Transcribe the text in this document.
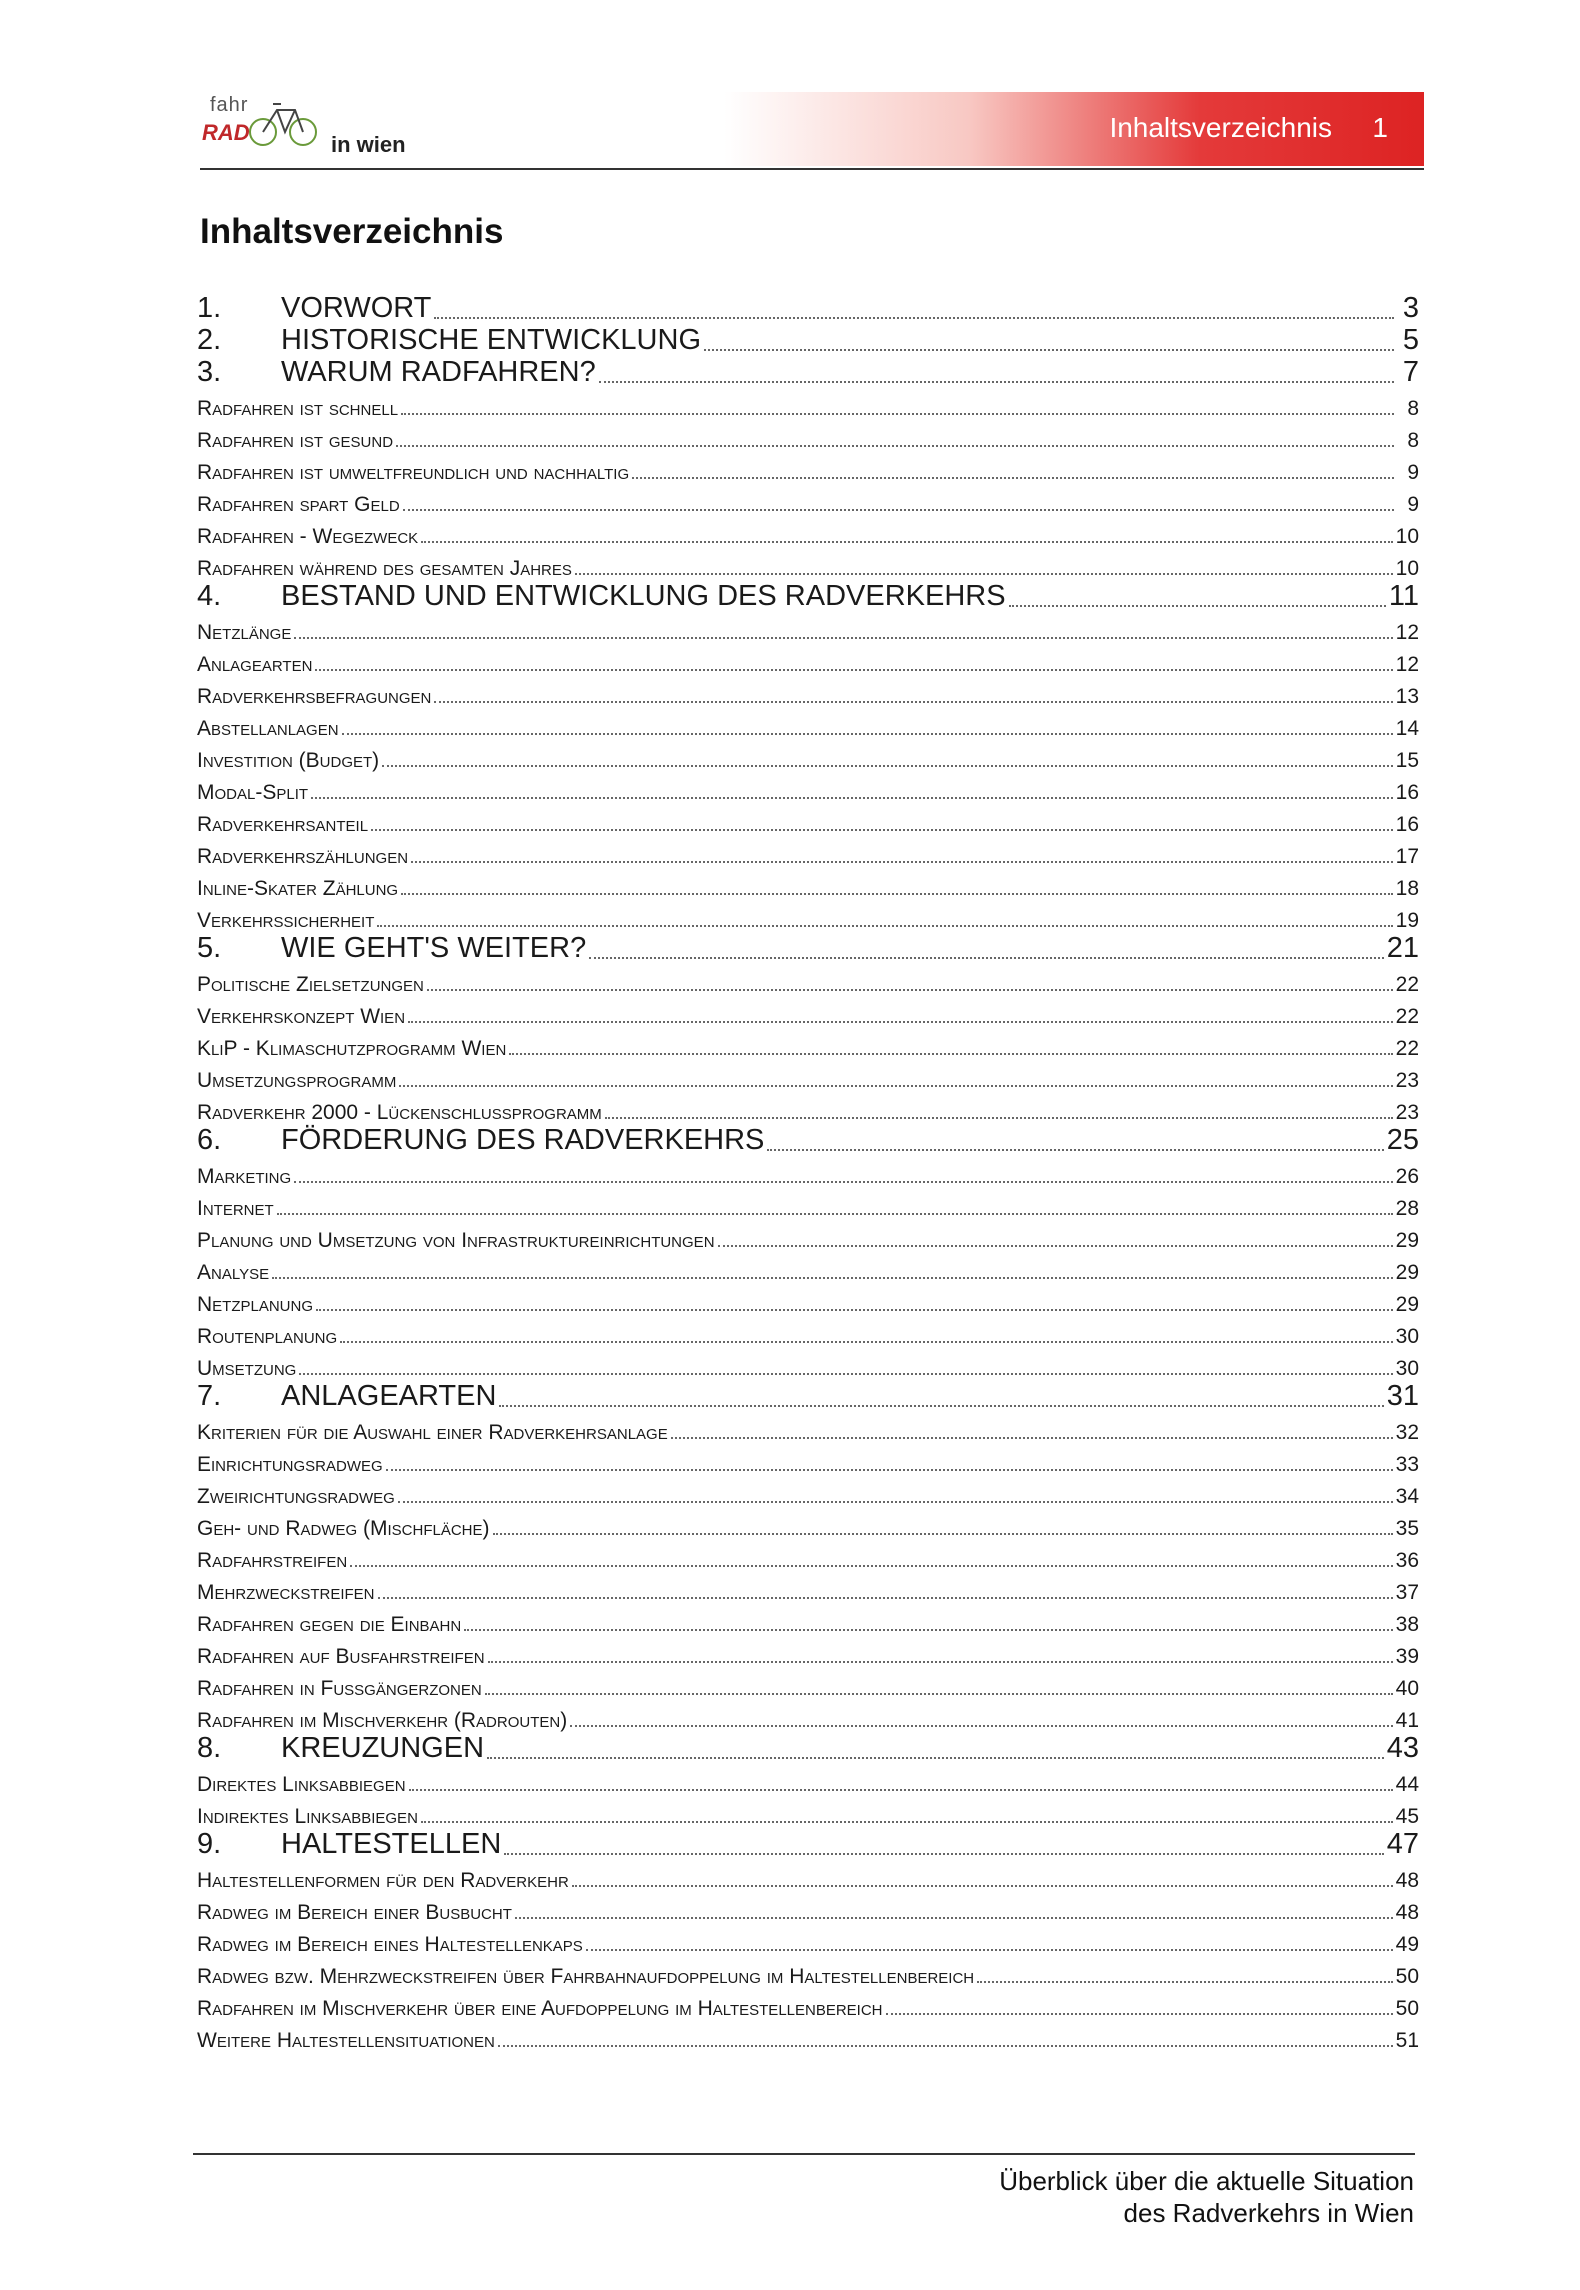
fahr
RAD	in wien
Inhaltsverzeichnis 1
Inhaltsverzeichnis
1.	VORWORT	3
2.	HISTORISCHE ENTWICKLUNG	5
3.	WARUM RADFAHREN?	7
Radfahren ist schnell	8
Radfahren ist gesund	8
Radfahren ist umweltfreundlich und nachhaltig	9
Radfahren spart Geld	9
Radfahren - Wegezweck	10
Radfahren während des gesamten Jahres	10
4.	BESTAND UND ENTWICKLUNG DES RADVERKEHRS	11
Netzlänge	12
Anlagearten	12
Radverkehrsbefragungen	13
Abstellanlagen	14
Investition (Budget)	15
Modal-Split	16
Radverkehrsanteil	16
Radverkehrszählungen	17
Inline-Skater Zählung	18
Verkehrssicherheit	19
5.	WIE GEHT'S WEITER?	21
Politische Zielsetzungen	22
Verkehrskonzept Wien	22
KliP - Klimaschutzprogramm Wien	22
Umsetzungsprogramm	23
Radverkehr 2000 - Lückenschlussprogramm	23
6.	FÖRDERUNG DES RADVERKEHRS	25
Marketing	26
Internet	28
Planung und Umsetzung von Infrastruktureinrichtungen	29
Analyse	29
Netzplanung	29
Routenplanung	30
Umsetzung	30
7.	ANLAGEARTEN	31
Kriterien für die Auswahl einer Radverkehrsanlage	32
Einrichtungsradweg	33
Zweirichtungsradweg	34
Geh- und Radweg (Mischfläche)	35
Radfahrstreifen	36
Mehrzweckstreifen	37
Radfahren gegen die Einbahn	38
Radfahren auf Busfahrstreifen	39
Radfahren in Fußgängerzonen	40
Radfahren im Mischverkehr (Radrouten)	41
8.	KREUZUNGEN	43
Direktes Linksabbiegen	44
Indirektes Linksabbiegen	45
9.	HALTESTELLEN	47
Haltestellenformen für den Radverkehr	48
Radweg im Bereich einer Busbucht	48
Radweg im Bereich eines Haltestellenkaps	49
Radweg bzw. Mehrzweckstreifen über Fahrbahnaufdoppelung im Haltestellenbereich	50
Radfahren im Mischverkehr über eine Aufdoppelung im Haltestellenbereich	50
Weitere Haltestellensituationen	51
Überblick über die aktuelle Situation
des Radverkehrs in Wien
